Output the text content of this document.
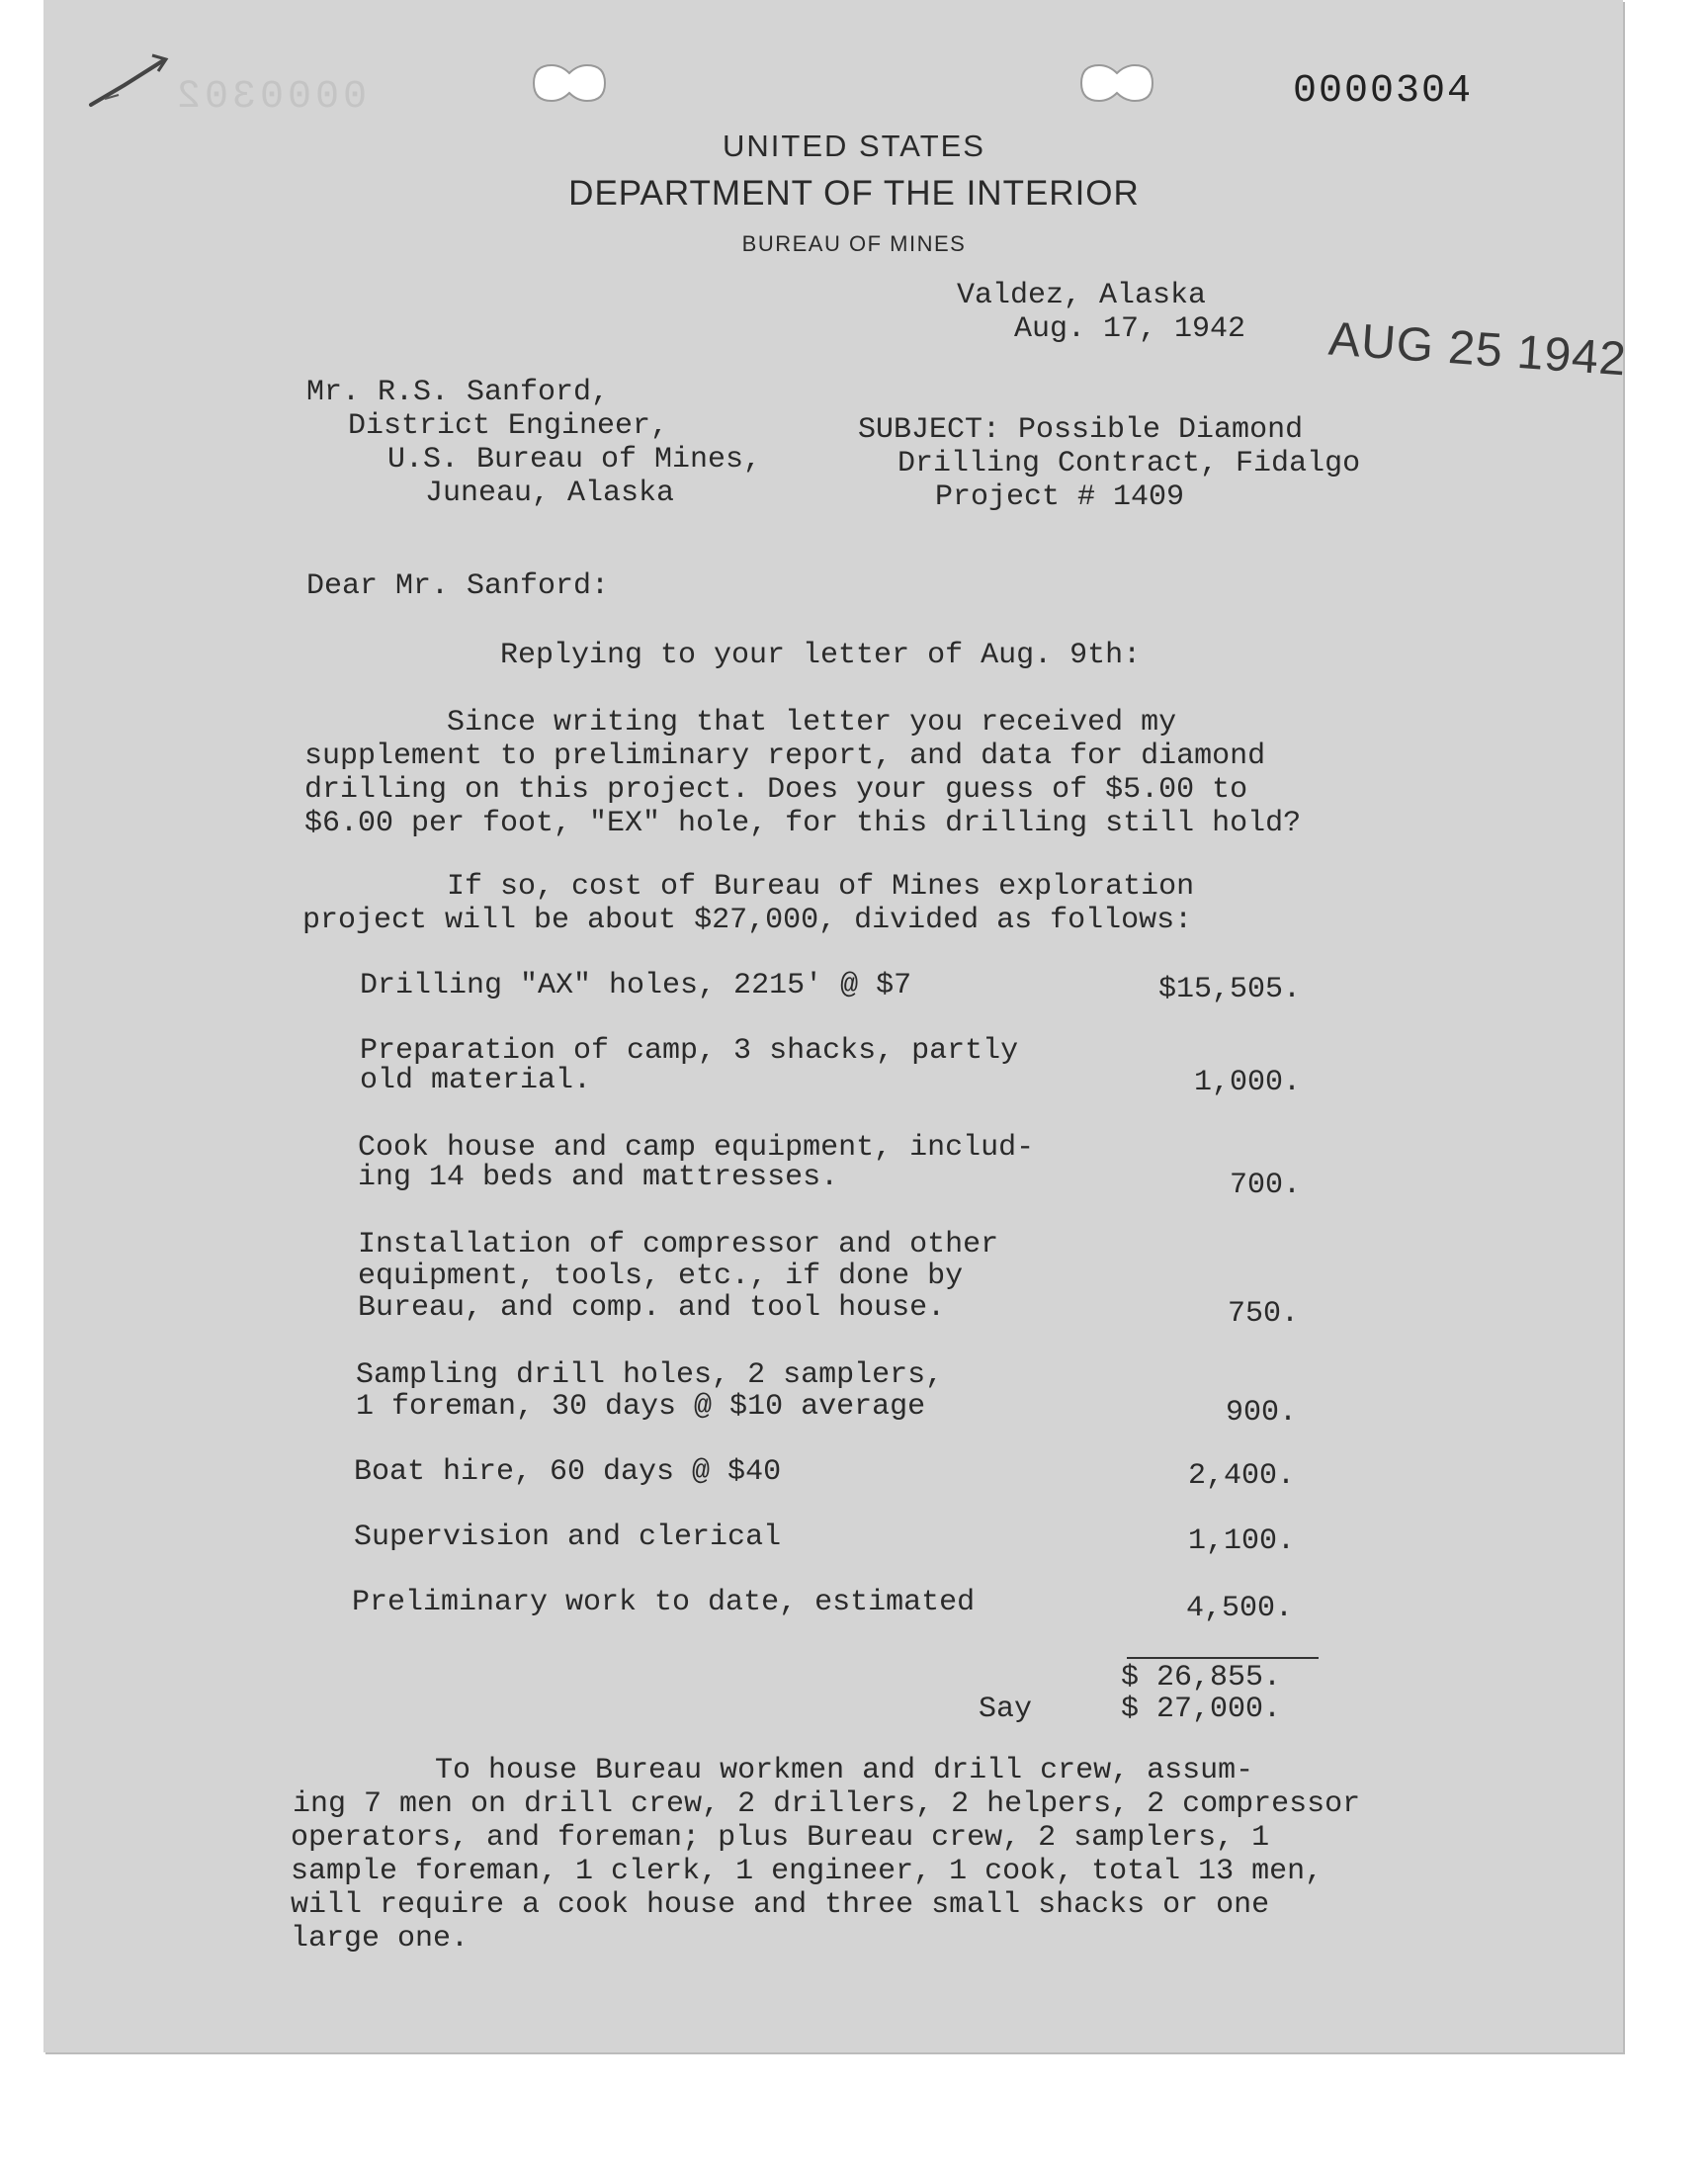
0000302	0000304
UNITED STATES
DEPARTMENT OF THE INTERIOR
BUREAU OF MINES
Valdez, Alaska
Aug. 17, 1942 AUG 25 1942
Mr. R.S. Sanford,
District Engineer,
U.S. Bureau of Mines,
Juneau, Alaska
SUBJECT: Possible Diamond
Drilling Contract, Fidalgo
Project # 1409
Dear Mr. Sanford:
Replying to your letter of Aug. 9th:
Since writing that letter you received my
supplement to preliminary report, and data for diamond
drilling on this project. Does your guess of $5.00 to
$6.00 per foot, "EX" hole, for this drilling still hold?
If so, cost of Bureau of Mines exploration
project will be about $27,000, divided as follows:
Drilling "AX" holes, 2215' @ $7	$15,505.
Preparation of camp, 3 shacks, partly
old material.	1,000.
Cook house and camp equipment, includ-
ing 14 beds and mattresses.	700.
Installation of compressor and other
equipment, tools, etc., if done by
Bureau, and comp. and tool house.	750.
Sampling drill holes, 2 samplers,
1 foreman, 30 days @ $10 average	900.
Boat hire, 60 days @ $40	2,400.
Supervision and clerical	1,100.
Preliminary work to date, estimated	4,500.
$ 26,855.
Say	$ 27,000.
To house Bureau workmen and drill crew, assum-
ing 7 men on drill crew, 2 drillers, 2 helpers, 2 compressor
operators, and foreman; plus Bureau crew, 2 samplers, 1
sample foreman, 1 clerk, 1 engineer, 1 cook, total 13 men,
will require a cook house and three small shacks or one
large one.
